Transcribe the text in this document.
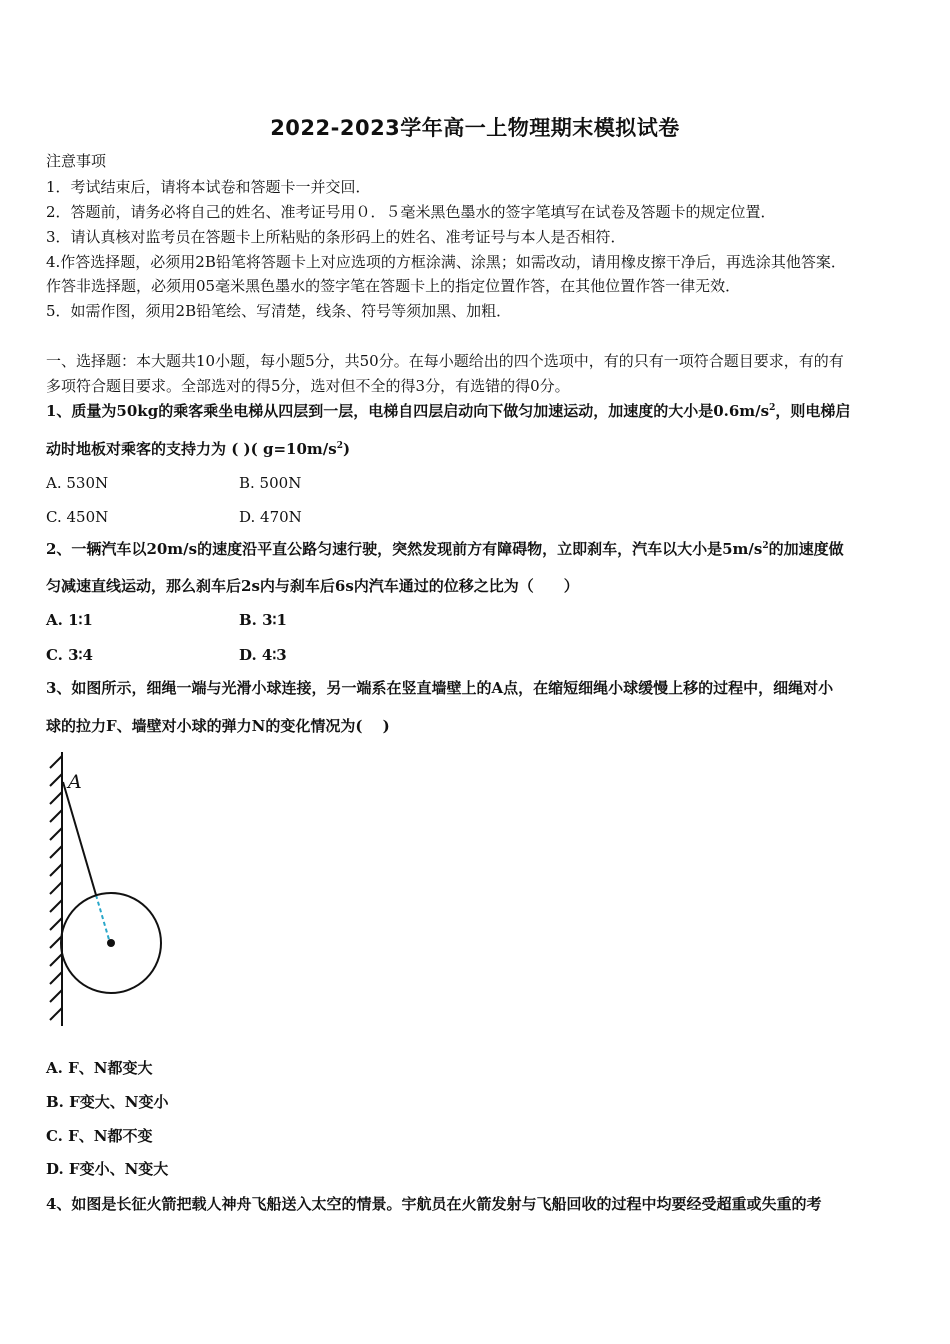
2022-2023学年高一上物理期末模拟试卷
注意事项
1．考试结束后，请将本试卷和答题卡一并交回．
2．答题前，请务必将自己的姓名、准考证号用０．５毫米黑色墨水的签字笔填写在试卷及答题卡的规定位置．
3．请认真核对监考员在答题卡上所粘贴的条形码上的姓名、准考证号与本人是否相符．
4.作答选择题，必须用2B铅笔将答题卡上对应选项的方框涂满、涂黑；如需改动，请用橡皮擦干净后，再选涂其他答案．
作答非选择题，必须用05毫米黑色墨水的签字笔在答题卡上的指定位置作答，在其他位置作答一律无效．
5．如需作图，须用2B铅笔绘、写清楚，线条、符号等须加黑、加粗．
一、选择题：本大题共10小题，每小题5分，共50分。在每小题给出的四个选项中，有的只有一项符合题目要求，有的有
多项符合题目要求。全部选对的得5分，选对但不全的得3分，有选错的得0分。
1、质量为50kg的乘客乘坐电梯从四层到一层，电梯自四层启动向下做匀加速运动，加速度的大小是$0.6m/s^2$，则电梯启
动时地板对乘客的支持力为 ( )( $g=10m/s^2$)
A. 530N	B. 500N
C. 450N	D. 470N
2、一辆汽车以20m/s的速度沿平直公路匀速行驶，突然发现前方有障碍物，立即刹车，汽车以大小是$5m/s^2$的加速度做
匀减速直线运动，那么刹车后2s内与刹车后6s内汽车通过的位移之比为（　　）
A. 1∶1	B. 3∶1
C. 3∶4	D. 4∶3
3、如图所示，细绳一端与光滑小球连接，另一端系在竖直墙壁上的A点，在缩短细绳小球缓慢上移的过程中，细绳对小
球的拉力F、墙壁对小球的弹力N的变化情况为(　 )
A
A. F、N都变大
B. F变大、N变小
C. F、N都不变
D. F变小、N变大
4、如图是长征火箭把载人神舟飞船送入太空的情景。宇航员在火箭发射与飞船回收的过程中均要经受超重或失重的考
